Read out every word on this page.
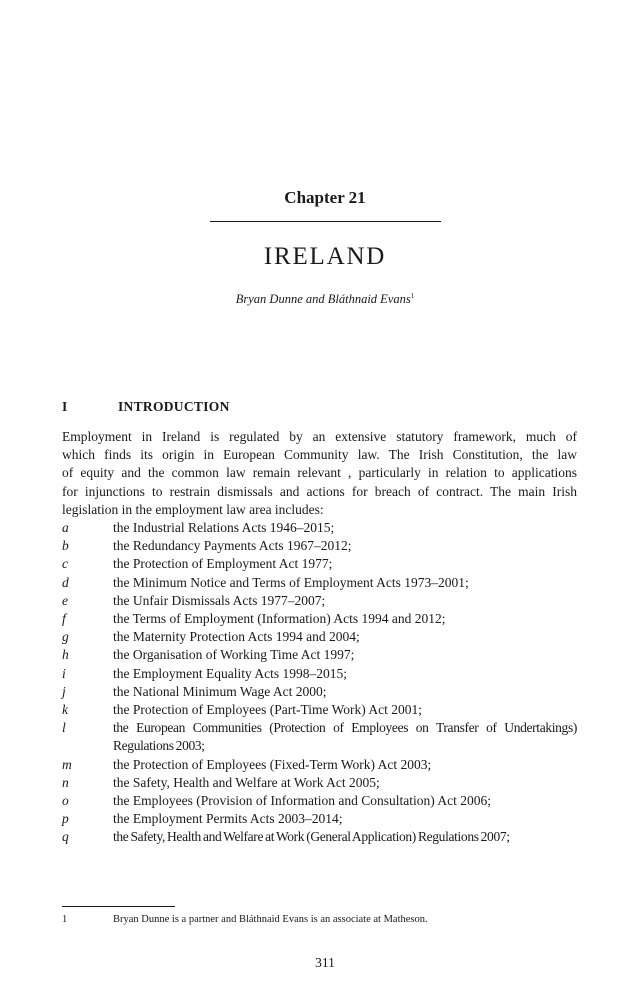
Chapter 21
IRELAND
Bryan Dunne and Bláthnaid Evans$^1$
I	INTRODUCTION
Employment in Ireland is regulated by an extensive statutory framework, much of
which finds its origin in European Community law. The Irish Constitution, the law
of equity and the common law remain relevant , particularly in relation to applications
for injunctions to restrain dismissals and actions for breach of contract. The main Irish
legislation in the employment law area includes:
a	the Industrial Relations Acts 1946–2015;
b	the Redundancy Payments Acts 1967–2012;
c	the Protection of Employment Act 1977;
d	the Minimum Notice and Terms of Employment Acts 1973–2001;
e	the Unfair Dismissals Acts 1977–2007;
f	the Terms of Employment (Information) Acts 1994 and 2012;
g	the Maternity Protection Acts 1994 and 2004;
h	the Organisation of Working Time Act 1997;
i	the Employment Equality Acts 1998–2015;
j	the National Minimum Wage Act 2000;
k	the Protection of Employees (Part-Time Work) Act 2001;
l	the European Communities (Protection of Employees on Transfer of Undertakings) Regulations 2003;
m	the Protection of Employees (Fixed-Term Work) Act 2003;
n	the Safety, Health and Welfare at Work Act 2005;
o	the Employees (Provision of Information and Consultation) Act 2006;
p	the Employment Permits Acts 2003–2014;
q	the Safety, Health and Welfare at Work (General Application) Regulations 2007;
1	Bryan Dunne is a partner and Bláthnaid Evans is an associate at Matheson.
311
